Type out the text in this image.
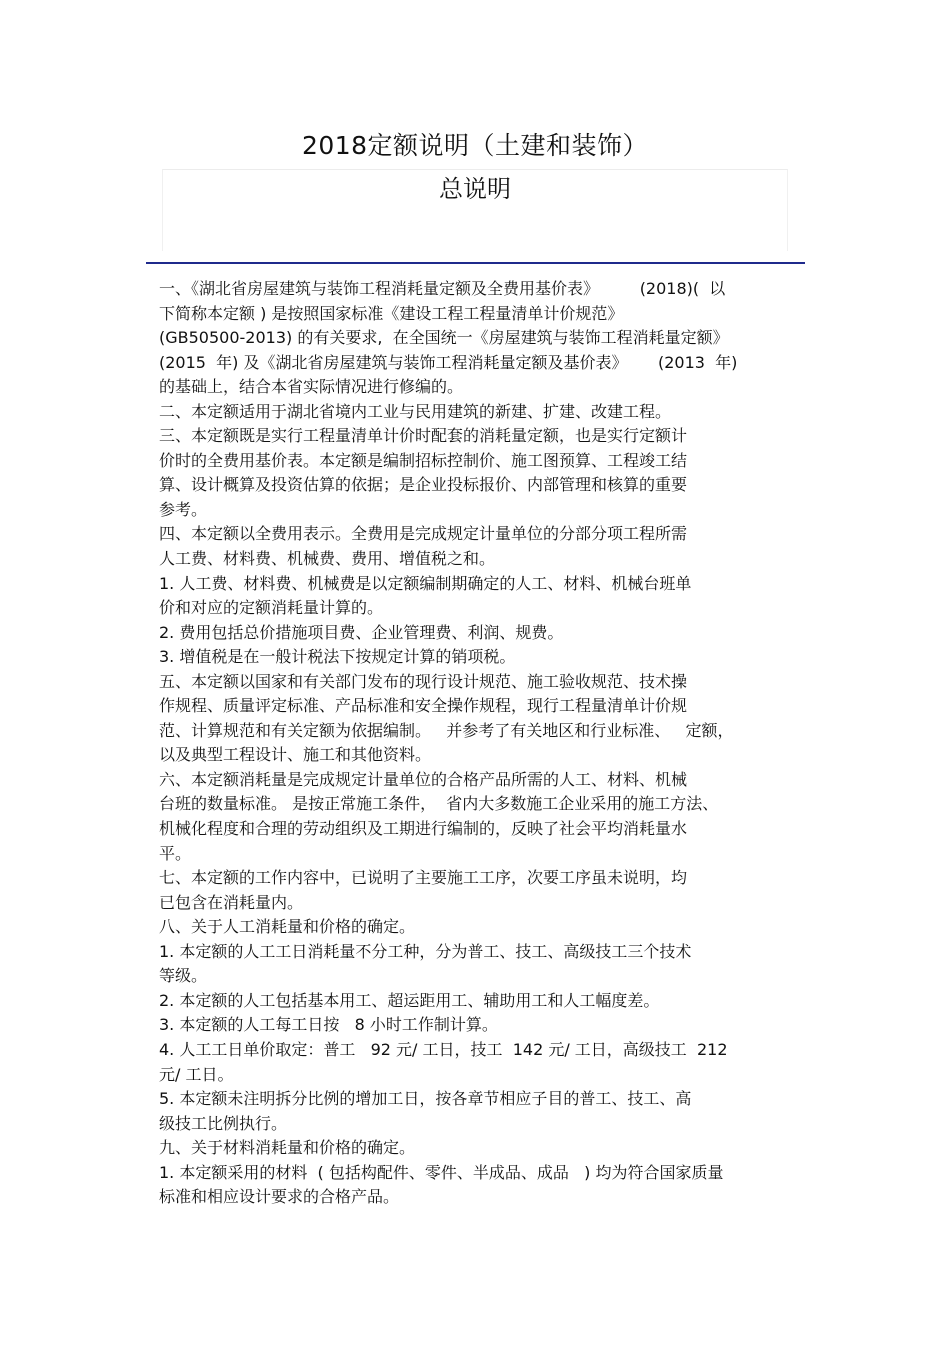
2018定额说明（土建和装饰）
总说明
一、《湖北省房屋建筑与装饰工程消耗量定额及全费用基价表》        (2018)(  以
下简称本定额 ) 是按照国家标准《建设工程工程量清单计价规范》
(GB50500-2013) 的有关要求,  在全国统一《房屋建筑与装饰工程消耗量定额》
(2015  年) 及《湖北省房屋建筑与装饰工程消耗量定额及基价表》      (2013  年)
的基础上，结合本省实际情况进行修编的。
二、本定额适用于湖北省境内工业与民用建筑的新建、扩建、改建工程。
三、本定额既是实行工程量清单计价时配套的消耗量定额，也是实行定额计
价时的全费用基价表。本定额是编制招标控制价、施工图预算、工程竣工结
算、设计概算及投资估算的依据；是企业投标报价、内部管理和核算的重要
参考。
四、本定额以全费用表示。全费用是完成规定计量单位的分部分项工程所需
人工费、材料费、机械费、费用、增值税之和。
1. 人工费、材料费、机械费是以定额编制期确定的人工、材料、机械台班单
价和对应的定额消耗量计算的。
2. 费用包括总价措施项目费、企业管理费、利润、规费。
3. 增值税是在一般计税法下按规定计算的销项税。
五、本定额以国家和有关部门发布的现行设计规范、施工验收规范、技术操
作规程、质量评定标准、产品标准和安全操作规程，现行工程量清单计价规
范、计算规范和有关定额为依据编制。   并参考了有关地区和行业标准、   定额，
以及典型工程设计、施工和其他资料。
六、本定额消耗量是完成规定计量单位的合格产品所需的人工、材料、机械
台班的数量标准。 是按正常施工条件，  省内大多数施工企业采用的施工方法、
机械化程度和合理的劳动组织及工期进行编制的，反映了社会平均消耗量水
平。
七、本定额的工作内容中，已说明了主要施工工序，次要工序虽未说明，均
已包含在消耗量内。
八、关于人工消耗量和价格的确定。
1. 本定额的人工工日消耗量不分工种，分为普工、技工、高级技工三个技术
等级。
2. 本定额的人工包括基本用工、超运距用工、辅助用工和人工幅度差。
3. 本定额的人工每工日按   8 小时工作制计算。
4. 人工工日单价取定：普工   92 元/ 工日，技工  142 元/ 工日，高级技工  212
元/ 工日。
5. 本定额未注明拆分比例的增加工日，按各章节相应子目的普工、技工、高
级技工比例执行。
九、关于材料消耗量和价格的确定。
1. 本定额采用的材料  ( 包括构配件、零件、半成品、成品   ) 均为符合国家质量
标准和相应设计要求的合格产品。
